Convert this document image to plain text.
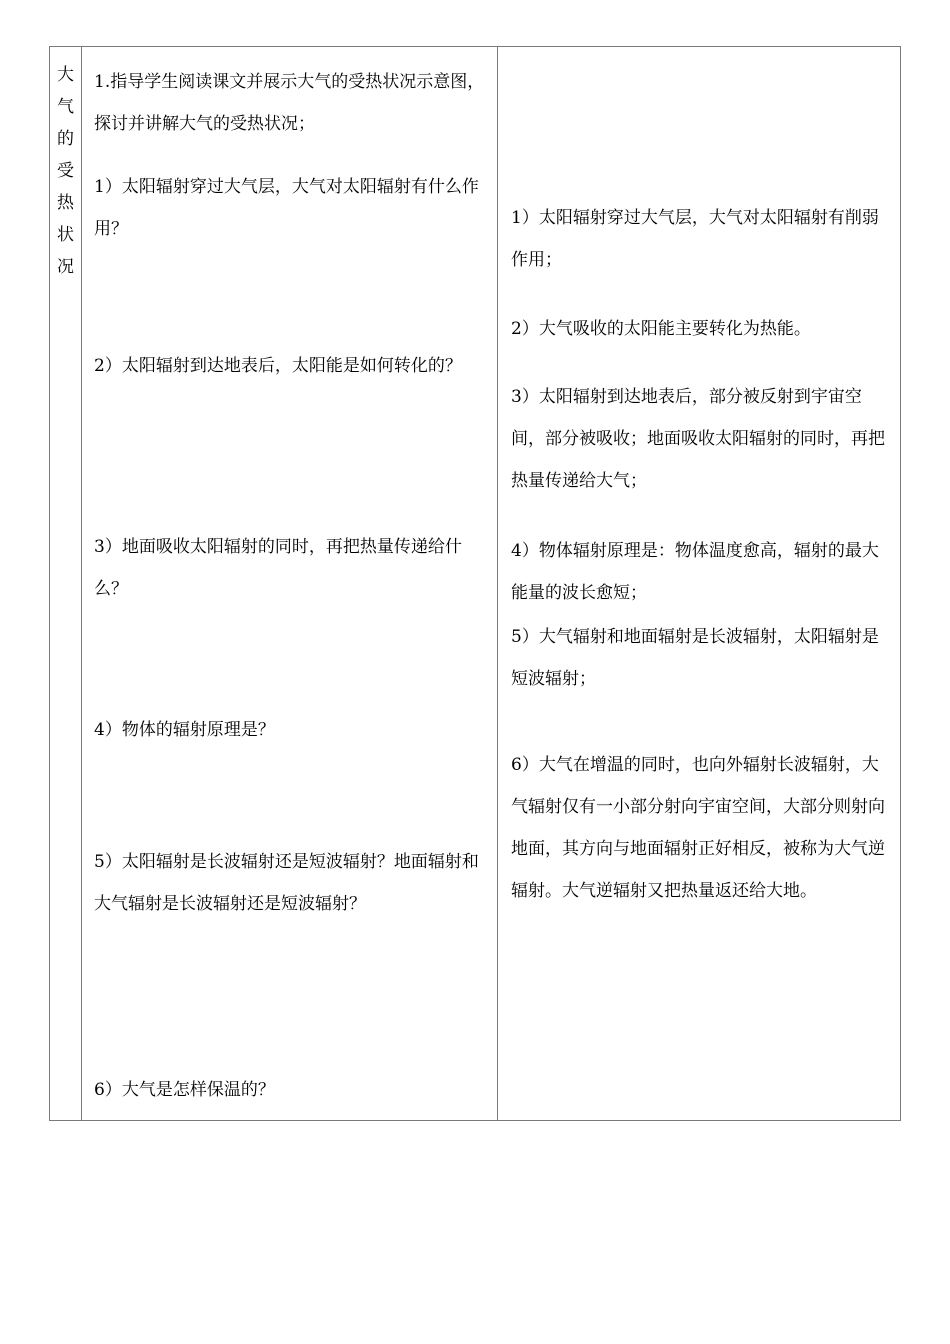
大
气
的
受
热
状
况

1.指导学生阅读课文并展示大气的受热状况示意图，探讨并讲解大气的受热状况；

1）太阳辐射穿过大气层，大气对太阳辐射有什么作用？

2）太阳辐射到达地表后，太阳能是如何转化的？

3）地面吸收太阳辐射的同时，再把热量传递给什么？

4）物体的辐射原理是？

5）太阳辐射是长波辐射还是短波辐射？地面辐射和大气辐射是长波辐射还是短波辐射？

6）大气是怎样保温的？

1）太阳辐射穿过大气层，大气对太阳辐射有削弱作用；

2）大气吸收的太阳能主要转化为热能。

3）太阳辐射到达地表后，部分被反射到宇宙空间，部分被吸收；地面吸收太阳辐射的同时，再把热量传递给大气；

4）物体辐射原理是：物体温度愈高，辐射的最大能量的波长愈短；

5）大气辐射和地面辐射是长波辐射，太阳辐射是短波辐射；

6）大气在增温的同时，也向外辐射长波辐射，大气辐射仅有一小部分射向宇宙空间，大部分则射向地面，其方向与地面辐射正好相反，被称为大气逆辐射。大气逆辐射又把热量返还给大地。
